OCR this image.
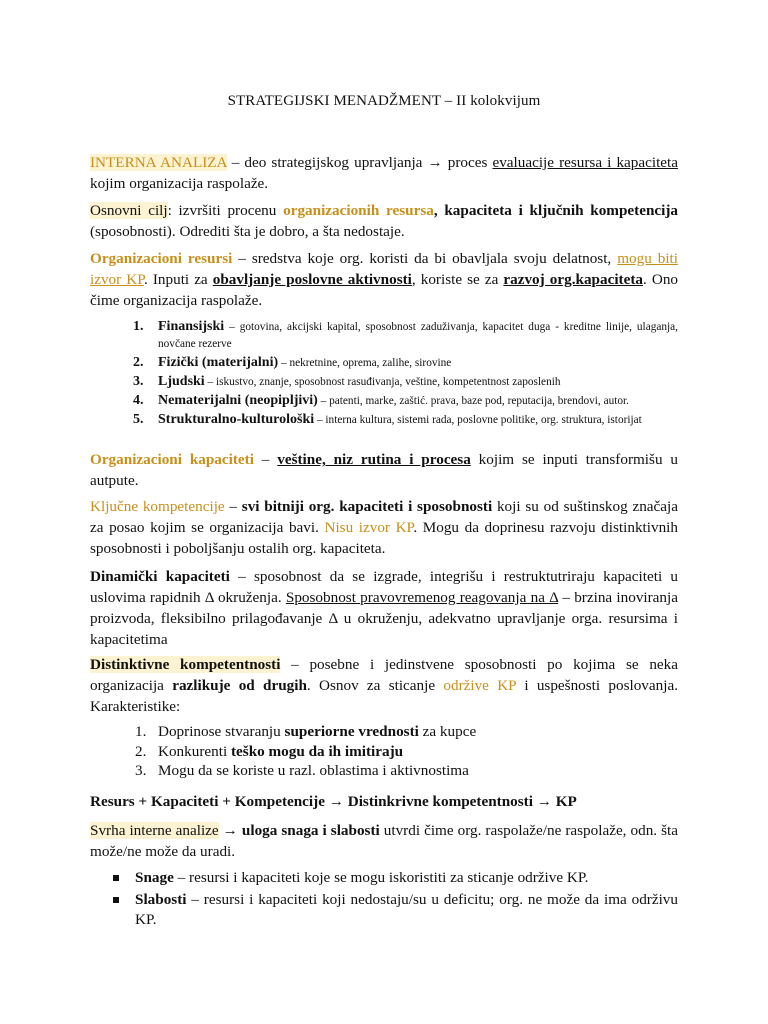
STRATEGIJSKI MENADŽMENT – II kolokvijum
INTERNA ANALIZA – deo strategijskog upravljanja → proces evaluacije resursa i kapaciteta kojim organizacija raspolaže.
Osnovni cilj: izvršiti procenu organizacionih resursa, kapaciteta i ključnih kompetencija (sposobnosti). Odrediti šta je dobro, a šta nedostaje.
Organizacioni resursi – sredstva koje org. koristi da bi obavljala svoju delatnost, mogu biti izvor KP. Inputi za obavljanje poslovne aktivnosti, koriste se za razvoj org.kapaciteta. Ono čime organizacija raspolaže.
1. Finansijski – gotovina, akcijski kapital, sposobnost zaduživanja, kapacitet duga - kreditne linije, ulaganja, novčane rezerve
2. Fizički (materijalni) – nekretnine, oprema, zalihe, sirovine
3. Ljudski – iskustvo, znanje, sposobnost rasuđivanja, veštine, kompetentnost zaposlenih
4. Nematerijalni (neopipljivi) – patenti, marke, zaštić. prava, baze pod, reputacija, brendovi, autor.
5. Strukturalno-kulturološki – interna kultura, sistemi rada, poslovne politike, org. struktura, istorijat
Organizacioni kapaciteti – veštine, niz rutina i procesa kojim se inputi transformišu u autpute.
Ključne kompetencije – svi bitniji org. kapaciteti i sposobnosti koji su od suštinskog značaja za posao kojim se organizacija bavi. Nisu izvor KP. Mogu da doprinesu razvoju distinktivnih sposobnosti i poboljšanju ostalih org. kapaciteta.
Dinamički kapaciteti – sposobnost da se izgrade, integrišu i restruktutriraju kapaciteti u uslovima rapidnih Δ okruženja. Sposobnost pravovremenog reagovanja na Δ – brzina inoviranja proizvoda, fleksibilno prilagođavanje Δ u okruženju, adekvatno upravljanje orga. resursima i kapacitetima
Distinktivne kompetentnosti – posebne i jedinstvene sposobnosti po kojima se neka organizacija razlikuje od drugih. Osnov za sticanje održive KP i uspešnosti poslovanja. Karakteristike:
1. Doprinose stvaranju superiorne vrednosti za kupce
2. Konkurenti teško mogu da ih imitiraju
3. Mogu da se koriste u razl. oblastima i aktivnostima
Resurs + Kapaciteti + Kompetencije → Distinkrivne kompetentnosti → KP
Svrha interne analize → uloga snaga i slabosti utvrdi čime org. raspolaže/ne raspolaže, odn. šta može/ne može da uradi.
Snage – resursi i kapaciteti koje se mogu iskoristiti za sticanje održive KP.
Slabosti – resursi i kapaciteti koji nedostaju/su u deficitu; org. ne može da ima održivu KP.
